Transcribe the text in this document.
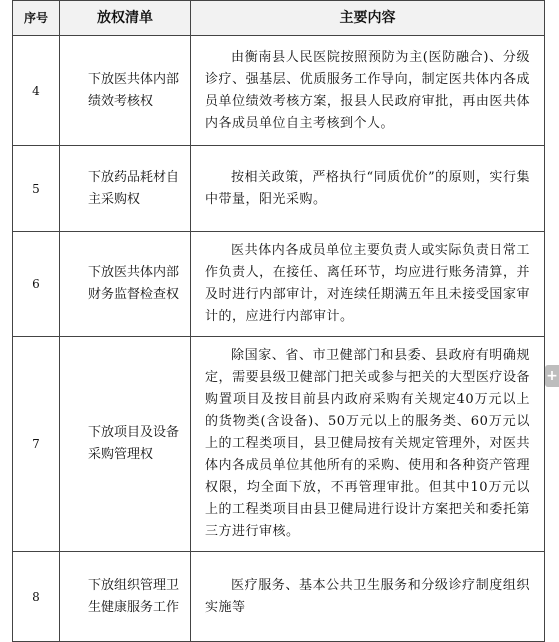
序号	放权清单	主要内容
4	下放医共体内部绩效考核权	由衡南县人民医院按照预防为主(医防融合)、分级诊疗、强基层、优质服务工作导向，制定医共体内各成员单位绩效考核方案，报县人民政府审批，再由医共体内各成员单位自主考核到个人。
5	下放药品耗材自主采购权	按相关政策，严格执行“同质优价”的原则，实行集中带量，阳光采购。
6	下放医共体内部财务监督检查权	医共体内各成员单位主要负责人或实际负责日常工作负责人，在接任、离任环节，均应进行账务清算，并及时进行内部审计，对连续任期满五年且未接受国家审计的，应进行内部审计。
7	下放项目及设备采购管理权	除国家、省、市卫健部门和县委、县政府有明确规定，需要县级卫健部门把关或参与把关的大型医疗设备购置项目及按目前县内政府采购有关规定40万元以上的货物类(含设备)、50万元以上的服务类、60万元以上的工程类项目，县卫健局按有关规定管理外，对医共体内各成员单位其他所有的采购、使用和各种资产管理权限，均全面下放，不再管理审批。但其中10万元以上的工程类项目由县卫健局进行设计方案把关和委托第三方进行审核。
8	下放组织管理卫生健康服务工作	医疗服务、基本公共卫生服务和分级诊疗制度组织实施等
+
